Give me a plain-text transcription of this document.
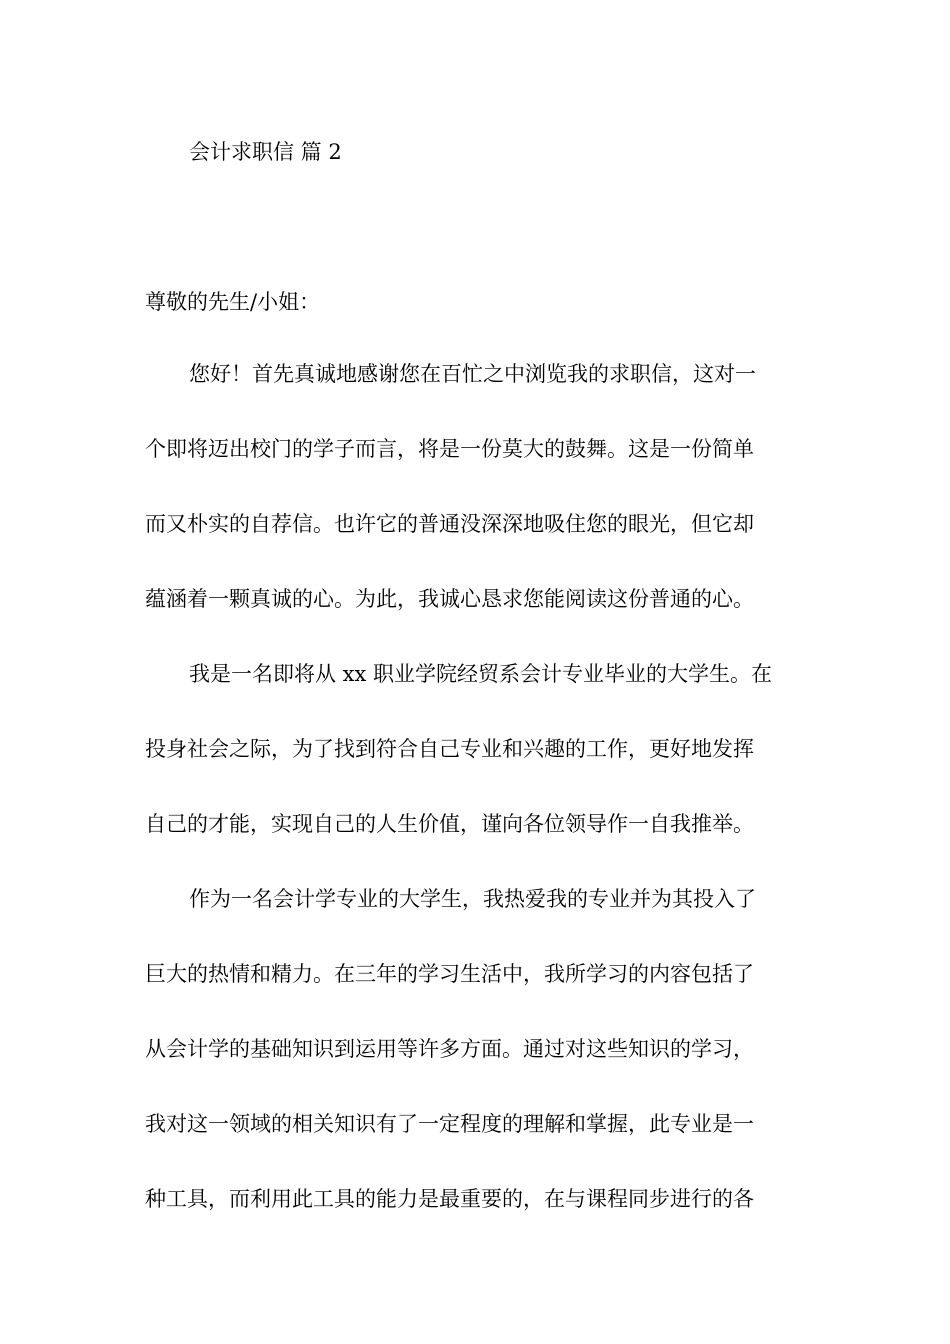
会计求职信 篇 2
尊敬的先生/小姐：
您好！首先真诚地感谢您在百忙之中浏览我的求职信，这对一
个即将迈出校门的学子而言，将是一份莫大的鼓舞。这是一份简单
而又朴实的自荐信。也许它的普通没深深地吸住您的眼光，但它却
蕴涵着一颗真诚的心。为此，我诚心恳求您能阅读这份普通的心。
我是一名即将从 xx 职业学院经贸系会计专业毕业的大学生。在
投身社会之际，为了找到符合自己专业和兴趣的工作，更好地发挥
自己的才能，实现自己的人生价值，谨向各位领导作一自我推举。
作为一名会计学专业的大学生，我热爱我的专业并为其投入了
巨大的热情和精力。在三年的学习生活中，我所学习的内容包括了
从会计学的基础知识到运用等许多方面。通过对这些知识的学习，
我对这一领域的相关知识有了一定程度的理解和掌握，此专业是一
种工具，而利用此工具的能力是最重要的，在与课程同步进行的各
